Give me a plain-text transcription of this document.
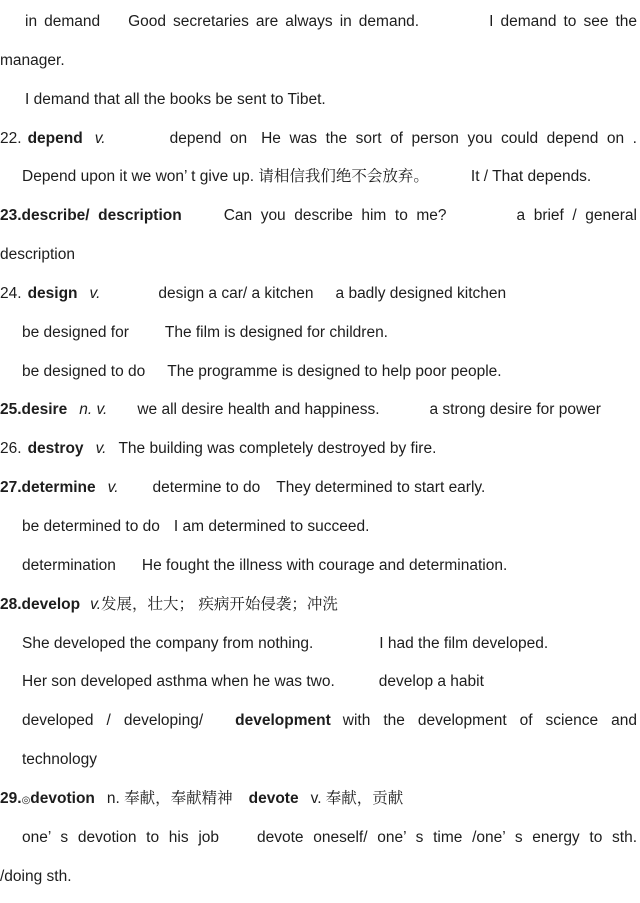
in demand Good secretaries are always in demand.	I demand to see the
manager.
I demand that all the books be sent to Tibet.
22. depend v.	depend on He was the sort of person you could depend on .
Depend upon it we won’ t give up. 请相信我们绝不会放弃。	It / That depends.
23.describe/ description	Can you describe him to me?	a brief / general
description
24. design v.	design a car/ a kitchen a badly designed kitchen
be designed for The film is designed for children.
be designed to do The programme is designed to help poor people.
25.desire n. v. we all desire health and happiness.	a strong desire for power
26. destroy v. The building was completely destroyed by fire.
27.determine v. determine to do They determined to start early.
be determined to do I am determined to succeed.
determination He fought the illness with courage and determination.
28.develop v.发展，壮大； 疾病开始侵袭；冲洗
She developed the company from nothing.	I had the film developed.
Her son developed asthma when he was two.	develop a habit
developed / developing/ development with the development of science and
technology
29.◎devotion n. 奉献，奉献精神 devote v. 奉献，贡献
one’ s devotion to his job devote oneself/ one’ s time /one’ s energy to sth.
/doing sth.
